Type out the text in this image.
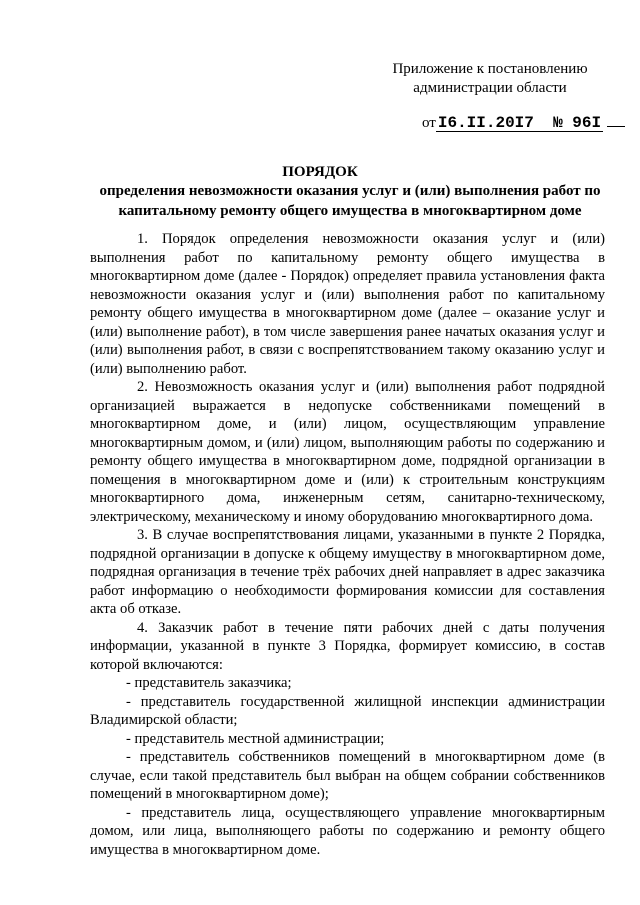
Приложение к постановлению
администрации области
от I6.II.20I7 № 96I
ПОРЯДОК
определения невозможности оказания услуг и (или) выполнения работ по капитальному ремонту общего имущества в многоквартирном доме

1. Порядок определения невозможности оказания услуг и (или) выполнения работ по капитальному ремонту общего имущества в многоквартирном доме (далее - Порядок) определяет правила установления факта невозможности оказания услуг и (или) выполнения работ по капитальному ремонту общего имущества в многоквартирном доме (далее – оказание услуг и (или) выполнение работ), в том числе завершения ранее начатых оказания услуг и (или) выполнения работ, в связи с воспрепятствованием такому оказанию услуг и (или) выполнению работ.

2. Невозможность оказания услуг и (или) выполнения работ подрядной организацией выражается в недопуске собственниками помещений в многоквартирном доме, и (или) лицом, осуществляющим управление многоквартирным домом, и (или) лицом, выполняющим работы по содержанию и ремонту общего имущества в многоквартирном доме, подрядной организации в помещения в многоквартирном доме и (или) к строительным конструкциям многоквартирного дома, инженерным сетям, санитарно-техническому, электрическому, механическому и иному оборудованию многоквартирного дома.

3. В случае воспрепятствования лицами, указанными в пункте 2 Порядка, подрядной организации в допуске к общему имуществу в многоквартирном доме, подрядная организация в течение трёх рабочих дней направляет в адрес заказчика работ информацию о необходимости формирования комиссии для составления акта об отказе.

4. Заказчик работ в течение пяти рабочих дней с даты получения информации, указанной в пункте 3 Порядка, формирует комиссию, в состав которой включаются:

- представитель заказчика;

- представитель государственной жилищной инспекции администрации Владимирской области;

- представитель местной администрации;

- представитель собственников помещений в многоквартирном доме (в случае, если такой представитель был выбран на общем собрании собственников помещений в многоквартирном доме);

- представитель лица, осуществляющего управление многоквартирным домом, или лица, выполняющего работы по содержанию и ремонту общего имущества в многоквартирном доме.
